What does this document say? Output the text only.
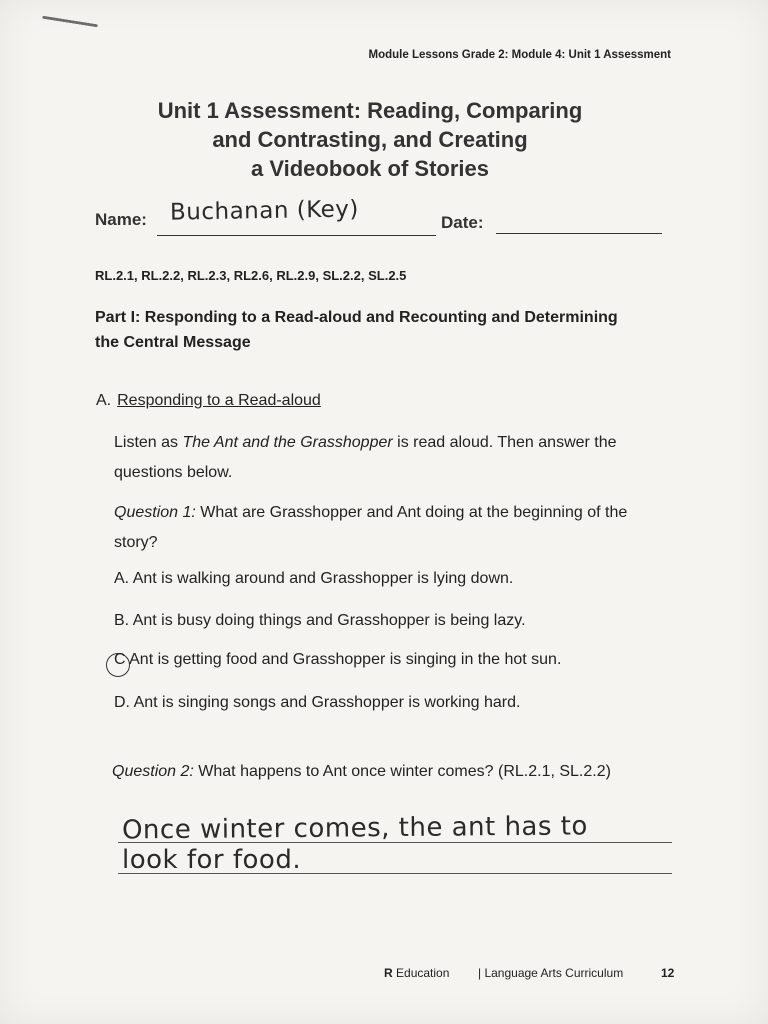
Module Lessons Grade 2: Module 4: Unit 1 Assessment
Unit 1 Assessment: Reading, Comparing
and Contrasting, and Creating
a Videobook of Stories
Name: Buchanan (Key)	Date:
RL.2.1, RL.2.2, RL.2.3, RL2.6, RL.2.9, SL.2.2, SL.2.5
Part I: Responding to a Read-aloud and Recounting and Determining
the Central Message
A. Responding to a Read-aloud
Listen as The Ant and the Grasshopper is read aloud. Then answer the questions below.
Question 1: What are Grasshopper and Ant doing at the beginning of the story?
A. Ant is walking around and Grasshopper is lying down.
B. Ant is busy doing things and Grasshopper is being lazy.
C Ant is getting food and Grasshopper is singing in the hot sun.
D. Ant is singing songs and Grasshopper is working hard.
Question 2: What happens to Ant once winter comes? (RL.2.1, SL.2.2)
Once winter comes, the ant has to
look for food.
R Education | Language Arts Curriculum	12
